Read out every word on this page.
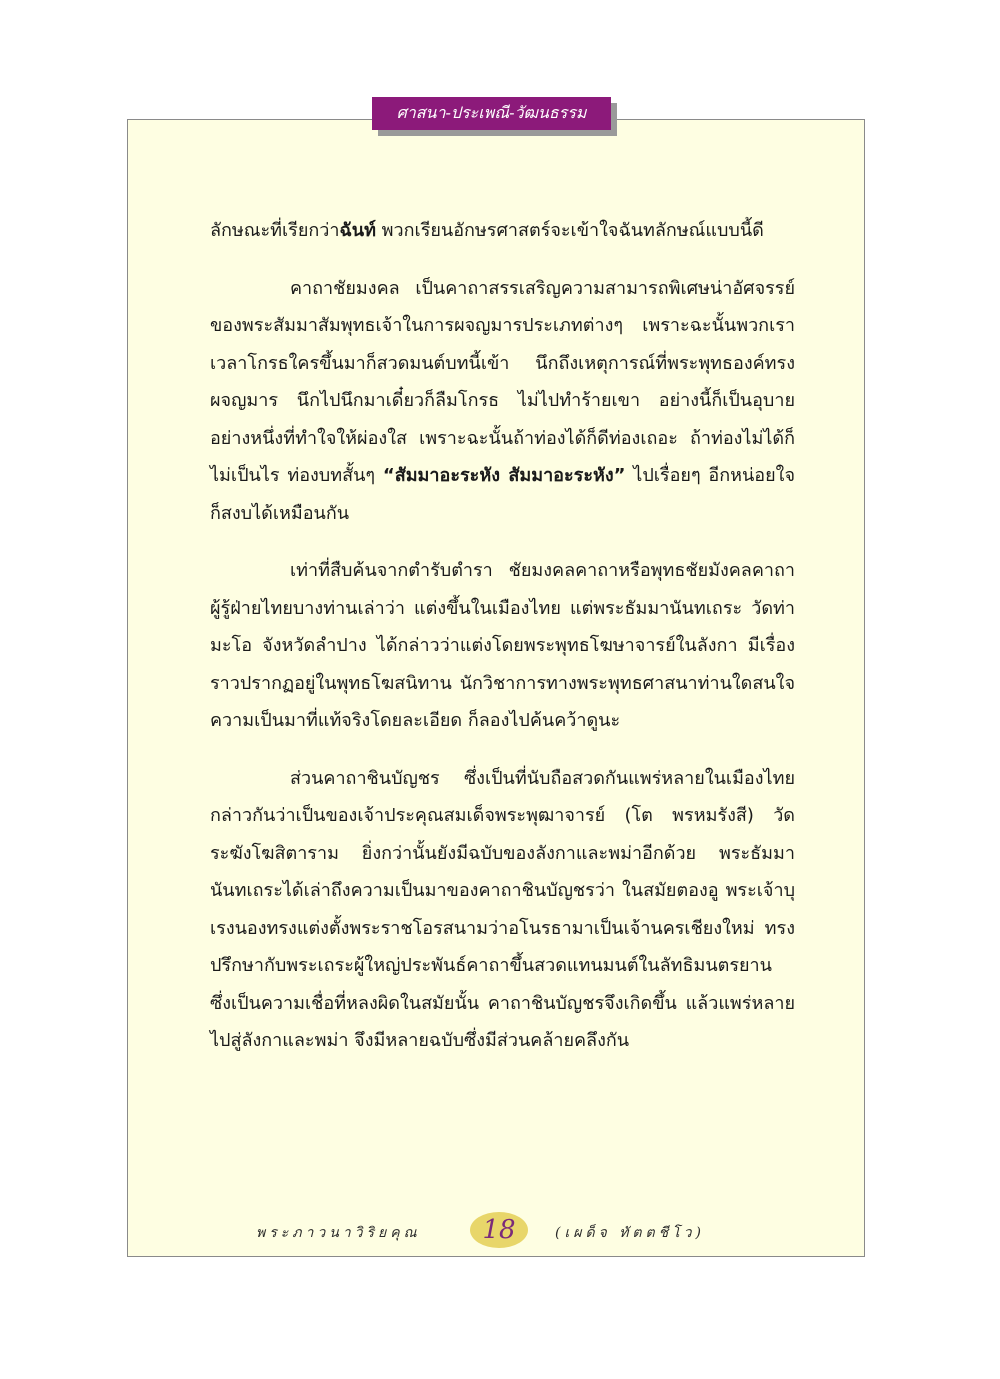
ศาสนา-ประเพณี-วัฒนธรรม

ลักษณะที่เรียกว่าฉันท์ พวกเรียนอักษรศาสตร์จะเข้าใจฉันทลักษณ์แบบนี้ดี

คาถาชัยมงคล เป็นคาถาสรรเสริญความสามารถพิเศษน่าอัศจรรย์ของพระสัมมาสัมพุทธเจ้าในการผจญมารประเภทต่างๆ เพราะฉะนั้นพวกเราเวลาโกรธใครขึ้นมาก็สวดมนต์บทนี้เข้า นึกถึงเหตุการณ์ที่พระพุทธองค์ทรงผจญมาร นึกไปนึกมาเดี๋ยวก็ลืมโกรธ ไม่ไปทำร้ายเขา อย่างนี้ก็เป็นอุบายอย่างหนึ่งที่ทำใจให้ผ่องใส เพราะฉะนั้นถ้าท่องได้ก็ดีท่องเถอะ ถ้าท่องไม่ได้ก็ไม่เป็นไร ท่องบทสั้นๆ “สัมมาอะระหัง สัมมาอะระหัง” ไปเรื่อยๆ อีกหน่อยใจก็สงบได้เหมือนกัน

เท่าที่สืบค้นจากตำรับตำรา ชัยมงคลคาถาหรือพุทธชัยมังคลคาถา ผู้รู้ฝ่ายไทยบางท่านเล่าว่า แต่งขึ้นในเมืองไทย แต่พระธัมมานันทเถระ วัดท่ามะโอ จังหวัดลำปาง ได้กล่าวว่าแต่งโดยพระพุทธโฆษาจารย์ในลังกา มีเรื่องราวปรากฏอยู่ในพุทธโฆสนิทาน นักวิชาการทางพระพุทธศาสนาท่านใดสนใจความเป็นมาที่แท้จริงโดยละเอียด ก็ลองไปค้นคว้าดูนะ

ส่วนคาถาชินบัญชร ซึ่งเป็นที่นับถือสวดกันแพร่หลายในเมืองไทย กล่าวกันว่าเป็นของเจ้าประคุณสมเด็จพระพุฒาจารย์ (โต พรหมรังสี) วัดระฆังโฆสิตาราม ยิ่งกว่านั้นยังมีฉบับของลังกาและพม่าอีกด้วย พระธัมมานันทเถระได้เล่าถึงความเป็นมาของคาถาชินบัญชรว่า ในสมัยตองอู พระเจ้าบุเรงนองทรงแต่งตั้งพระราชโอรสนามว่าอโนรธามาเป็นเจ้านครเชียงใหม่ ทรงปรึกษากับพระเถระผู้ใหญ่ประพันธ์คาถาขึ้นสวดแทนมนต์ในลัทธิมนตรยาน ซึ่งเป็นความเชื่อที่หลงผิดในสมัยนั้น คาถาชินบัญชรจึงเกิดขึ้น แล้วแพร่หลายไปสู่ลังกาและพม่า จึงมีหลายฉบับซึ่งมีส่วนคล้ายคลึงกัน

พระภาวนาวิริยคุณ 18	(เผด็จ ทัตตชีโว)
